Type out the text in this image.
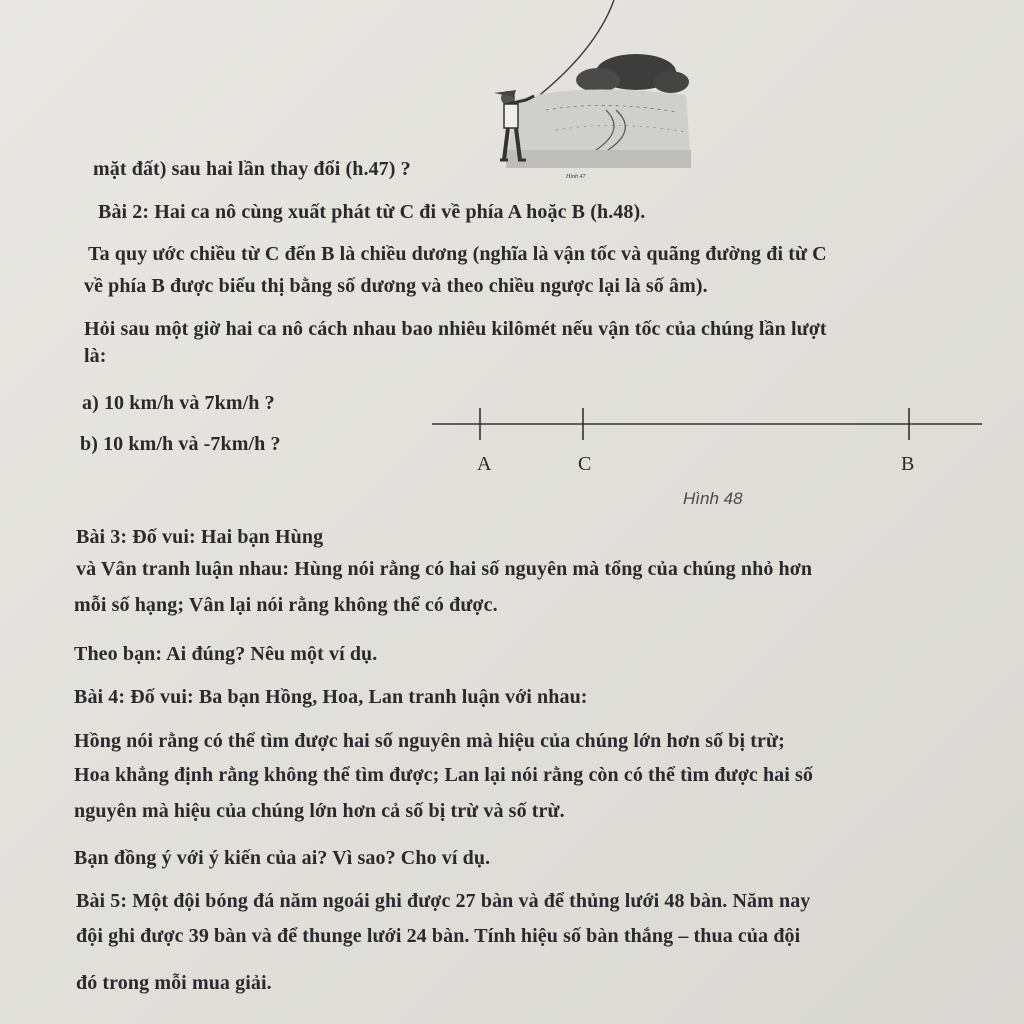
Hình 47
mặt đất) sau hai lần thay đổi (h.47) ?
Bài 2: Hai ca nô cùng xuất phát từ C đi về phía A hoặc B (h.48).
Ta quy ước chiều từ C đến B là chiều dương (nghĩa là vận tốc và quãng đường đi từ C
về phía B được biểu thị bằng số dương và theo chiều ngược lại là số âm).
Hỏi sau một giờ hai ca nô cách nhau bao nhiêu kilômét nếu vận tốc của chúng lần lượt
là:
a) 10 km/h và 7km/h ?
b) 10 km/h và -7km/h ?
A	C	B
Hình 48
Bài 3: Đố vui: Hai bạn Hùng
và Vân tranh luận nhau: Hùng nói rằng có hai số nguyên mà tổng của chúng nhỏ hơn
mỗi số hạng; Vân lại nói rằng không thể có được.
Theo bạn: Ai đúng? Nêu một ví dụ.
Bài 4: Đố vui: Ba bạn Hồng, Hoa, Lan tranh luận với nhau:
Hồng nói rằng có thể tìm được hai số nguyên mà hiệu của chúng lớn hơn số bị trừ;
Hoa khẳng định rằng không thể tìm được; Lan lại nói rằng còn có thể tìm được hai số
nguyên mà hiệu của chúng lớn hơn cả số bị trừ và số trừ.
Bạn đồng ý với ý kiến của ai? Vì sao? Cho ví dụ.
Bài 5: Một đội bóng đá năm ngoái ghi được 27 bàn và để thủng lưới 48 bàn. Năm nay
đội ghi được 39 bàn và để thunge lưới 24 bàn. Tính hiệu số bàn thắng – thua của đội
đó trong mỗi mua giải.
